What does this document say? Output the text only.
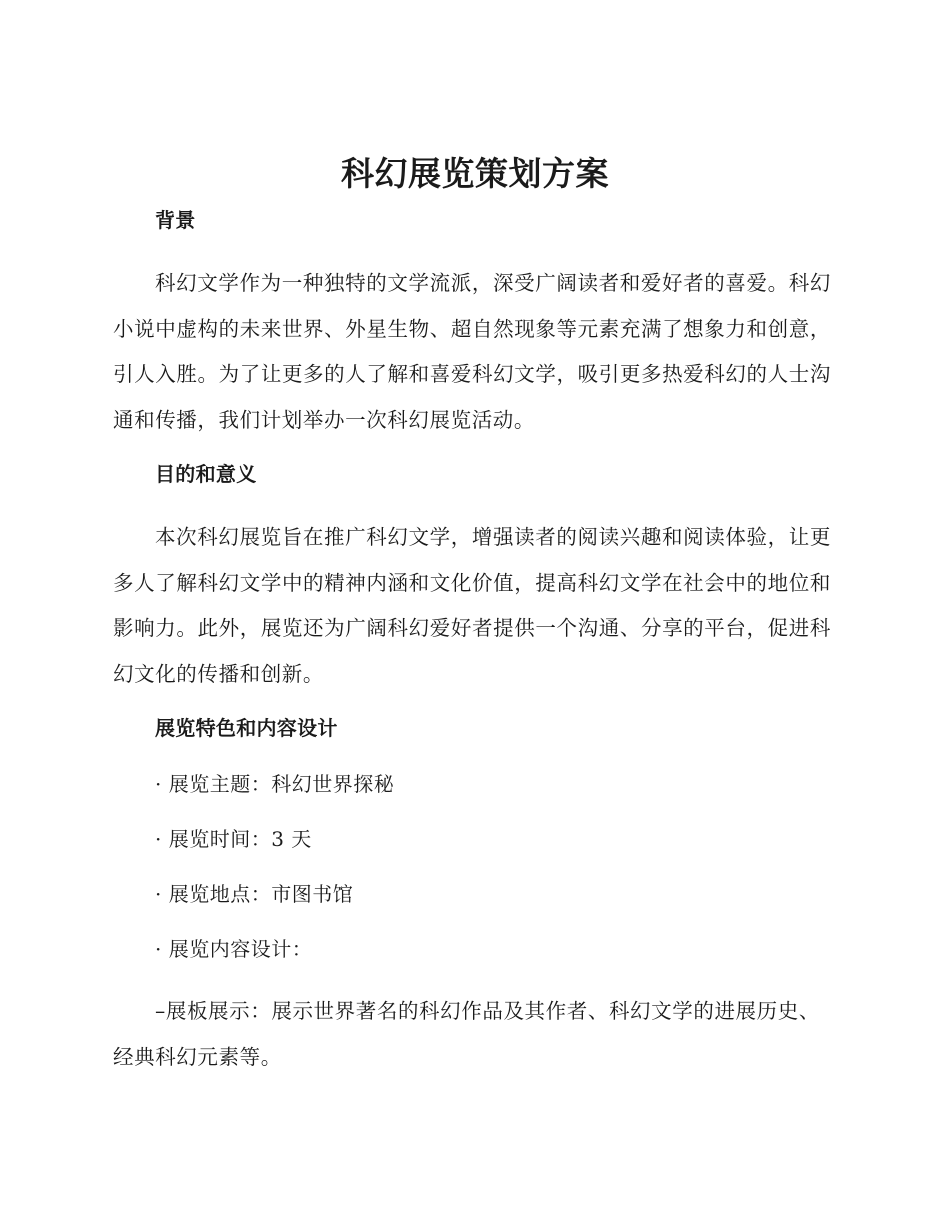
科幻展览策划方案
背景

科幻文学作为一种独特的文学流派，深受广阔读者和爱好者的喜爱。科幻小说中虚构的未来世界、外星生物、超自然现象等元素充满了想象力和创意，引人入胜。为了让更多的人了解和喜爱科幻文学，吸引更多热爱科幻的人士沟通和传播，我们计划举办一次科幻展览活动。

目的和意义

本次科幻展览旨在推广科幻文学，增强读者的阅读兴趣和阅读体验，让更多人了解科幻文学中的精神内涵和文化价值，提高科幻文学在社会中的地位和影响力。此外，展览还为广阔科幻爱好者提供一个沟通、分享的平台，促进科幻文化的传播和创新。

展览特色和内容设计
· 展览主题：科幻世界探秘
· 展览时间：3 天
· 展览地点：市图书馆
· 展览内容设计：

–展板展示：展示世界著名的科幻作品及其作者、科幻文学的进展历史、经典科幻元素等。
